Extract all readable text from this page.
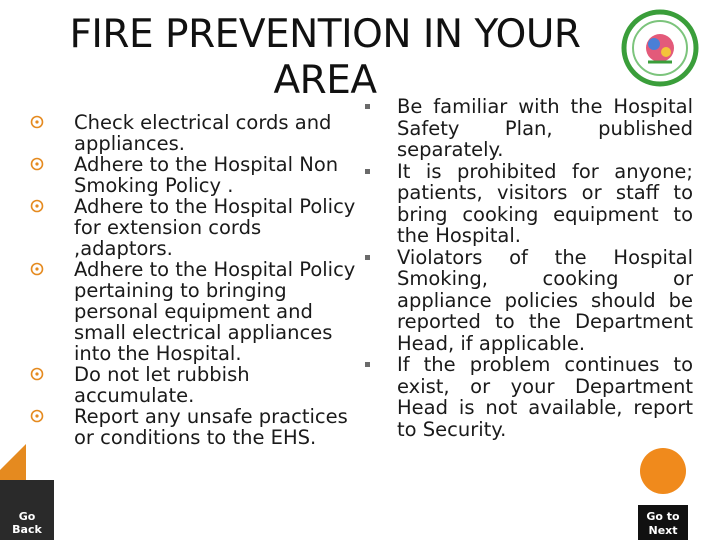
FIRE PREVENTION IN YOUR AREA
Check electrical cords and appliances.
Adhere to the Hospital Non Smoking Policy .
Adhere to the Hospital Policy for extension cords ,adaptors.
Adhere to the Hospital Policy pertaining to bringing personal equipment and small electrical appliances into the Hospital.
Do not let rubbish accumulate.
Report any unsafe practices or conditions to the EHS.
Be familiar with the Hospital Safety Plan, published separately.
It is prohibited for anyone; patients, visitors or staff to bring cooking equipment to the Hospital.
Violators of the Hospital Smoking, cooking or appliance policies should be reported to the Department Head, if applicable.
If the problem continues to exist, or your Department Head is not available, report to Security.
Go
Back
Go to
Next
